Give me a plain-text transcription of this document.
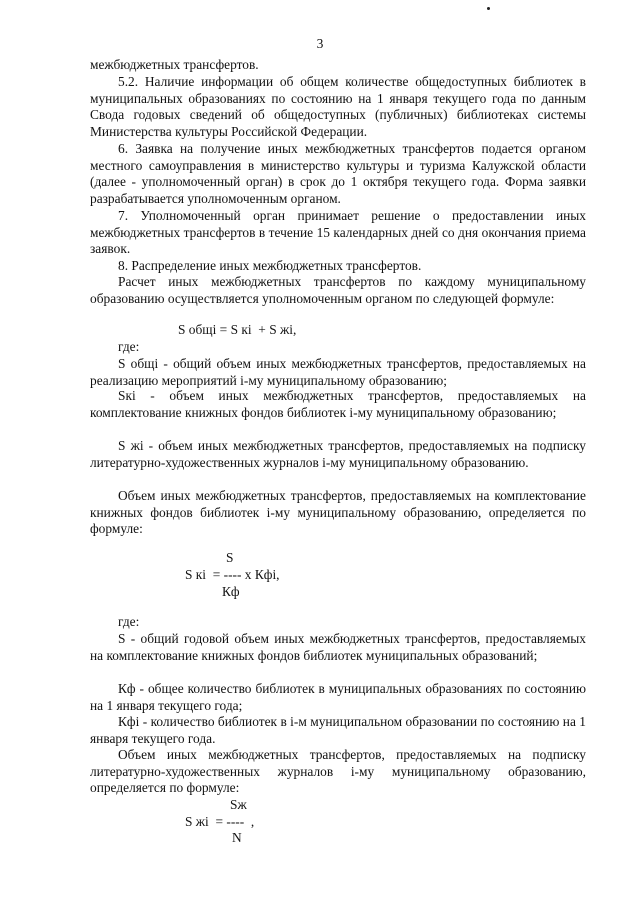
3

межбюджетных трансфертов.

5.2. Наличие информации об общем количестве общедоступных библиотек в муниципальных образованиях по состоянию на 1 января текущего года по данным Свода годовых сведений об общедоступных (публичных) библиотеках системы Министерства культуры Российской Федерации.

6. Заявка на получение иных межбюджетных трансфертов подается органом местного самоуправления в министерство культуры и туризма Калужской области (далее - уполномоченный орган) в срок до 1 октября текущего года. Форма заявки разрабатывается уполномоченным органом.

7. Уполномоченный орган принимает решение о предоставлении иных межбюджетных трансфертов в течение 15 календарных дней со дня окончания приема заявок.

8. Распределение иных межбюджетных трансфертов.

Расчет иных межбюджетных трансфертов по каждому муниципальному образованию осуществляется уполномоченным органом по следующей формуле:

S общі = S кі  + S жі,

где:

S общі - общий объем иных межбюджетных трансфертов, предоставляемых на реализацию мероприятий i-му муниципальному образованию;

Sкі - объем иных межбюджетных трансфертов, предоставляемых на комплектование книжных фондов библиотек і-му муниципальному образованию;

S жі - объем иных межбюджетных трансфертов, предоставляемых на подписку литературно-художественных журналов і-му муниципальному образованию.

Объем иных межбюджетных трансфертов, предоставляемых на комплектование книжных фондов библиотек i-му муниципальному образованию, определяется по формуле:

S
S кі  = ---- х Кфі,
Кф

где:

S - общий годовой объем иных межбюджетных трансфертов, предоставляемых на комплектование книжных фондов библиотек муниципальных образований;

Кф - общее количество библиотек в муниципальных образованиях по состоянию на 1 января текущего года;

Кфі - количество библиотек в і-м муниципальном образовании по состоянию на 1 января текущего года.

Объем иных межбюджетных трансфертов, предоставляемых на подписку литературно-художественных журналов і-му муниципальному образованию, определяется по формуле:

Sж
S жі  = ----  ,
N
